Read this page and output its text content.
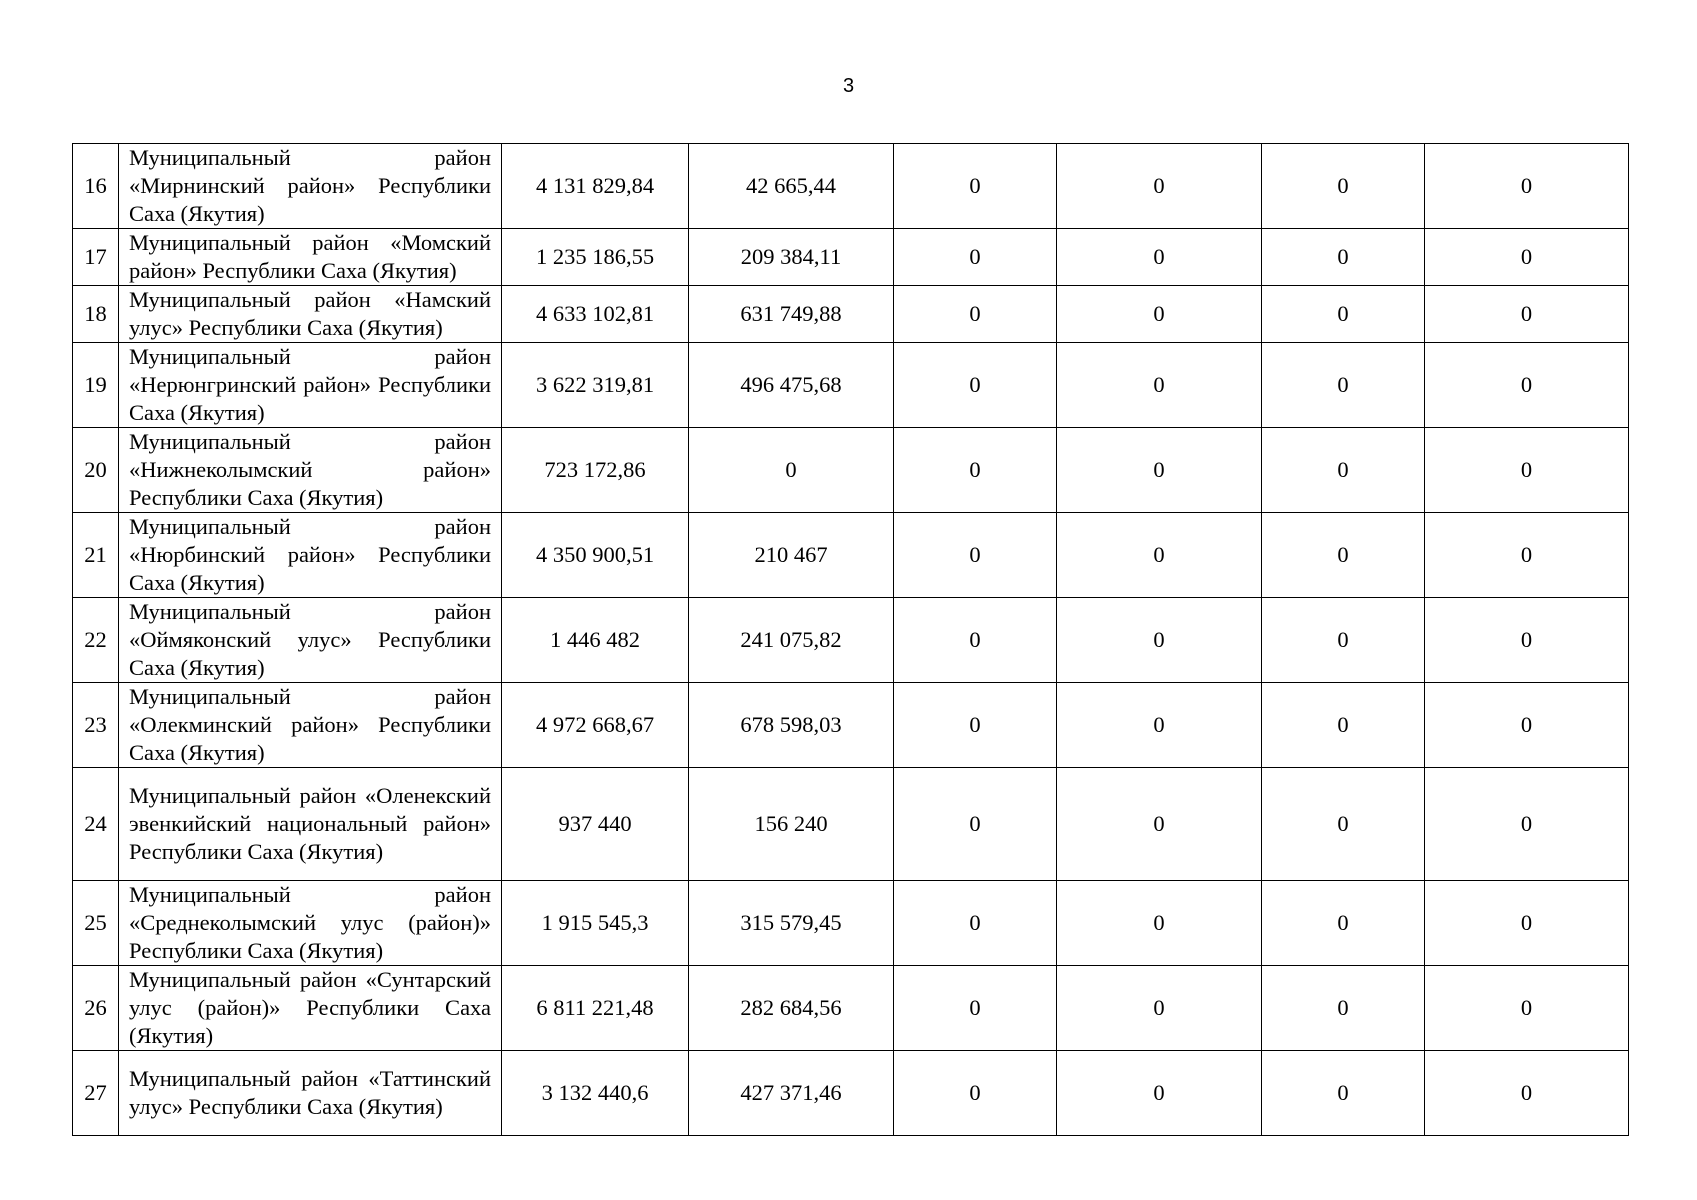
3
16	Муниципальный район «Мирнинский район» Республики Саха (Якутия)	4 131 829,84	42 665,44	0	0	0	0
17	Муниципальный район «Момский район» Республики Саха (Якутия)	1 235 186,55	209 384,11	0	0	0	0
18	Муниципальный район «Намский улус» Республики Саха (Якутия)	4 633 102,81	631 749,88	0	0	0	0
19	Муниципальный район «Нерюнгринский район» Республики Саха (Якутия)	3 622 319,81	496 475,68	0	0	0	0
20	Муниципальный район «Нижнеколымский район» Республики Саха (Якутия)	723 172,86	0	0	0	0	0
21	Муниципальный район «Нюрбинский район» Республики Саха (Якутия)	4 350 900,51	210 467	0	0	0	0
22	Муниципальный район «Оймяконский улус» Республики Саха (Якутия)	1 446 482	241 075,82	0	0	0	0
23	Муниципальный район «Олекминский район» Республики Саха (Якутия)	4 972 668,67	678 598,03	0	0	0	0
24	Муниципальный район «Оленекский эвенкийский национальный район» Республики Саха (Якутия)	937 440	156 240	0	0	0	0
25	Муниципальный район «Среднеколымский улус (район)» Республики Саха (Якутия)	1 915 545,3	315 579,45	0	0	0	0
26	Муниципальный район «Сунтарский улус (район)» Республики Саха (Якутия)	6 811 221,48	282 684,56	0	0	0	0
27	Муниципальный район «Таттинский улус» Республики Саха (Якутия)	3 132 440,6	427 371,46	0	0	0	0
